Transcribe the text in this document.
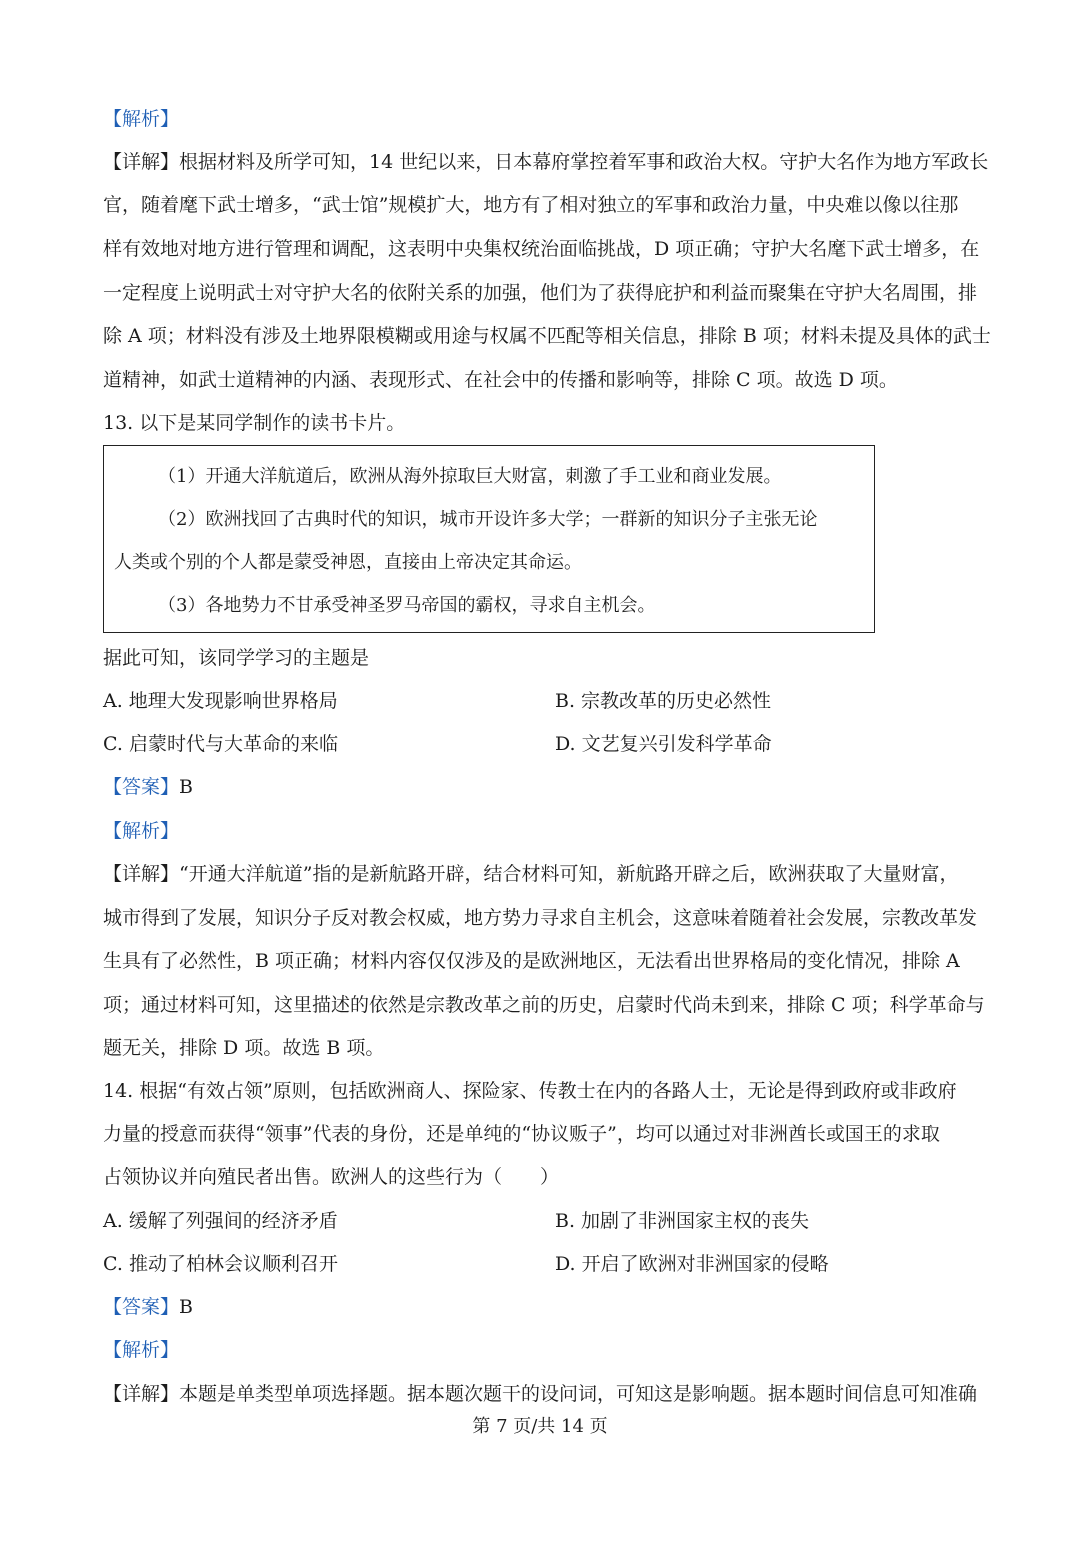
【解析】
【详解】根据材料及所学可知，14 世纪以来，日本幕府掌控着军事和政治大权。守护大名作为地方军政长
官，随着麾下武士增多，“武士馆”规模扩大，地方有了相对独立的军事和政治力量，中央难以像以往那
样有效地对地方进行管理和调配，这表明中央集权统治面临挑战，D 项正确；守护大名麾下武士增多，在
一定程度上说明武士对守护大名的依附关系的加强，他们为了获得庇护和利益而聚集在守护大名周围，排
除 A 项；材料没有涉及土地界限模糊或用途与权属不匹配等相关信息，排除 B 项；材料未提及具体的武士
道精神，如武士道精神的内涵、表现形式、在社会中的传播和影响等，排除 C 项。故选 D 项。
13. 以下是某同学制作的读书卡片。
（1）开通大洋航道后，欧洲从海外掠取巨大财富，刺激了手工业和商业发展。
（2）欧洲找回了古典时代的知识，城市开设许多大学；一群新的知识分子主张无论
人类或个别的个人都是蒙受神恩，直接由上帝决定其命运。
（3）各地势力不甘承受神圣罗马帝国的霸权，寻求自主机会。
据此可知，该同学学习的主题是
A. 地理大发现影响世界格局	B. 宗教改革的历史必然性
C. 启蒙时代与大革命的来临	D. 文艺复兴引发科学革命
【答案】B
【解析】
【详解】“开通大洋航道”指的是新航路开辟，结合材料可知，新航路开辟之后，欧洲获取了大量财富，
城市得到了发展，知识分子反对教会权威，地方势力寻求自主机会，这意味着随着社会发展，宗教改革发
生具有了必然性，B 项正确；材料内容仅仅涉及的是欧洲地区，无法看出世界格局的变化情况，排除 A
项；通过材料可知，这里描述的依然是宗教改革之前的历史，启蒙时代尚未到来，排除 C 项；科学革命与
题无关，排除 D 项。故选 B 项。
14. 根据“有效占领”原则，包括欧洲商人、探险家、传教士在内的各路人士，无论是得到政府或非政府
力量的授意而获得“领事”代表的身份，还是单纯的“协议贩子”，均可以通过对非洲酋长或国王的求取
占领协议并向殖民者出售。欧洲人的这些行为（　　）
A. 缓解了列强间的经济矛盾	B. 加剧了非洲国家主权的丧失
C. 推动了柏林会议顺利召开	D. 开启了欧洲对非洲国家的侵略
【答案】B
【解析】
【详解】本题是单类型单项选择题。据本题次题干的设问词，可知这是影响题。据本题时间信息可知准确
第 7 页/共 14 页
